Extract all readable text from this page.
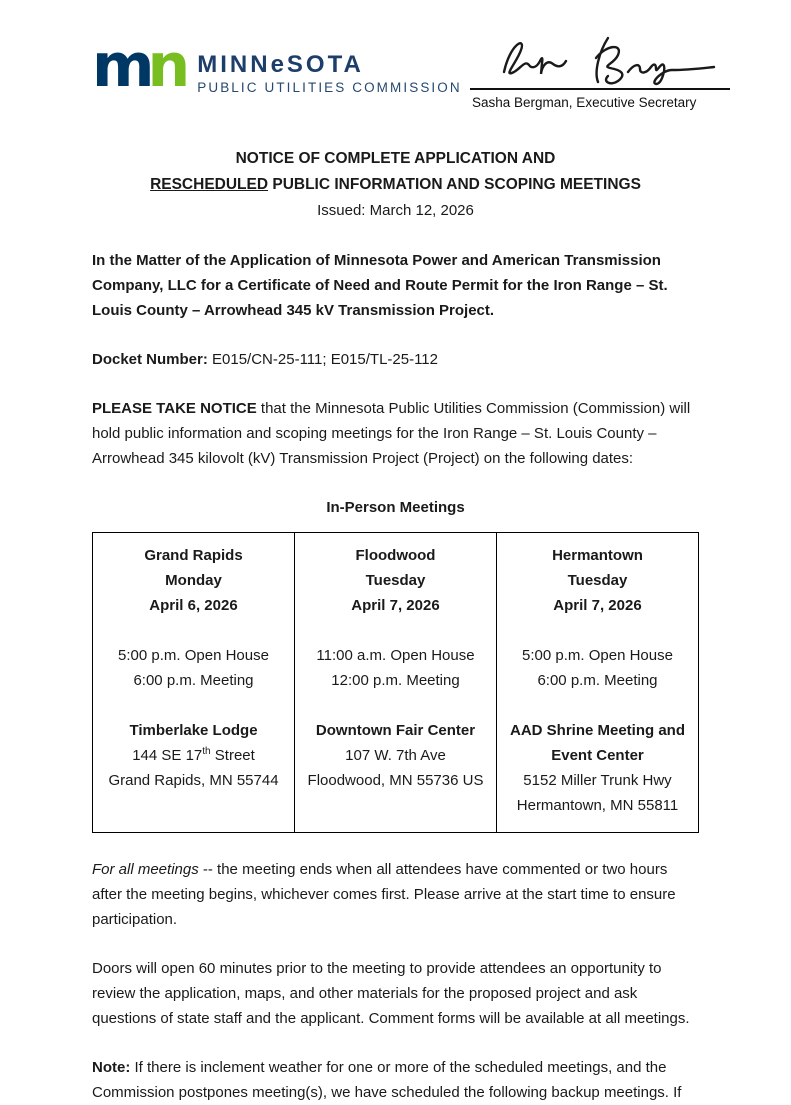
mn MINNeSOTA
PUBLIC UTILITIES COMMISSION
Sasha Bergman, Executive Secretary
NOTICE OF COMPLETE APPLICATION AND
RESCHEDULED PUBLIC INFORMATION AND SCOPING MEETINGS
Issued: March 12, 2026
In the Matter of the Application of Minnesota Power and American Transmission Company, LLC for a Certificate of Need and Route Permit for the Iron Range – St. Louis County – Arrowhead 345 kV Transmission Project.
Docket Number: E015/CN-25-111; E015/TL-25-112
PLEASE TAKE NOTICE that the Minnesota Public Utilities Commission (Commission) will hold public information and scoping meetings for the Iron Range – St. Louis County – Arrowhead 345 kilovolt (kV) Transmission Project (Project) on the following dates:
In-Person Meetings
Grand Rapids
Monday
April 6, 2026
5:00 p.m. Open House
6:00 p.m. Meeting
Timberlake Lodge
144 SE 17th Street
Grand Rapids, MN 55744

Floodwood
Tuesday
April 7, 2026
11:00 a.m. Open House
12:00 p.m. Meeting
Downtown Fair Center
107 W. 7th Ave
Floodwood, MN 55736 US

Hermantown
Tuesday
April 7, 2026
5:00 p.m. Open House
6:00 p.m. Meeting
AAD Shrine Meeting and Event Center
5152 Miller Trunk Hwy
Hermantown, MN 55811
For all meetings -- the meeting ends when all attendees have commented or two hours after the meeting begins, whichever comes first. Please arrive at the start time to ensure participation.
Doors will open 60 minutes prior to the meeting to provide attendees an opportunity to review the application, maps, and other materials for the proposed project and ask questions of state staff and the applicant. Comment forms will be available at all meetings.
Note: If there is inclement weather for one or more of the scheduled meetings, and the Commission postpones meeting(s), we have scheduled the following backup meetings. If
